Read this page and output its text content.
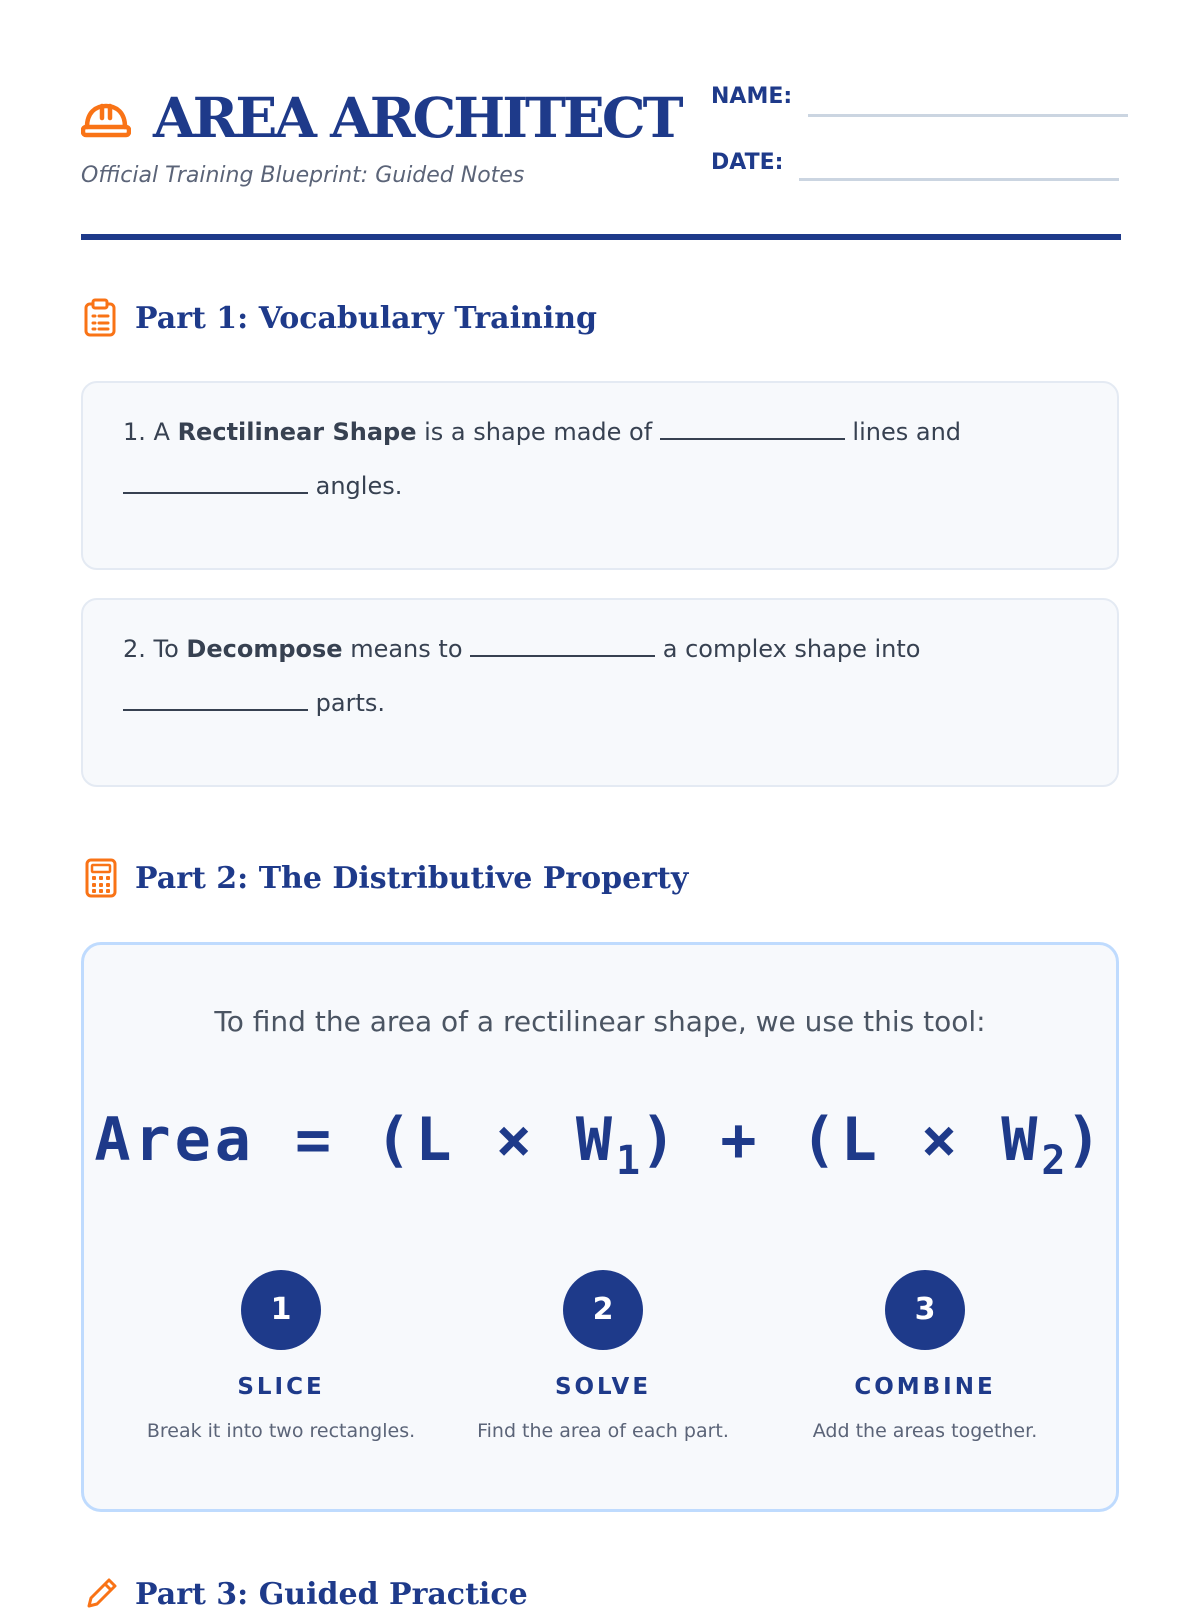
AREA ARCHITECT
Official Training Blueprint: Guided Notes
NAME:
DATE:
Part 1: Vocabulary Training
1. A Rectilinear Shape is a shape made of	lines and
angles.
2. To Decompose means to	a complex shape into
parts.
Part 2: The Distributive Property
To find the area of a rectilinear shape, we use this tool:
Area = $(L \times W_1) + (L \times W_2)$
1
SLICE
Break it into two rectangles.
2
SOLVE
Find the area of each part.
3
COMBINE
Add the areas together.
Part 3: Guided Practice
